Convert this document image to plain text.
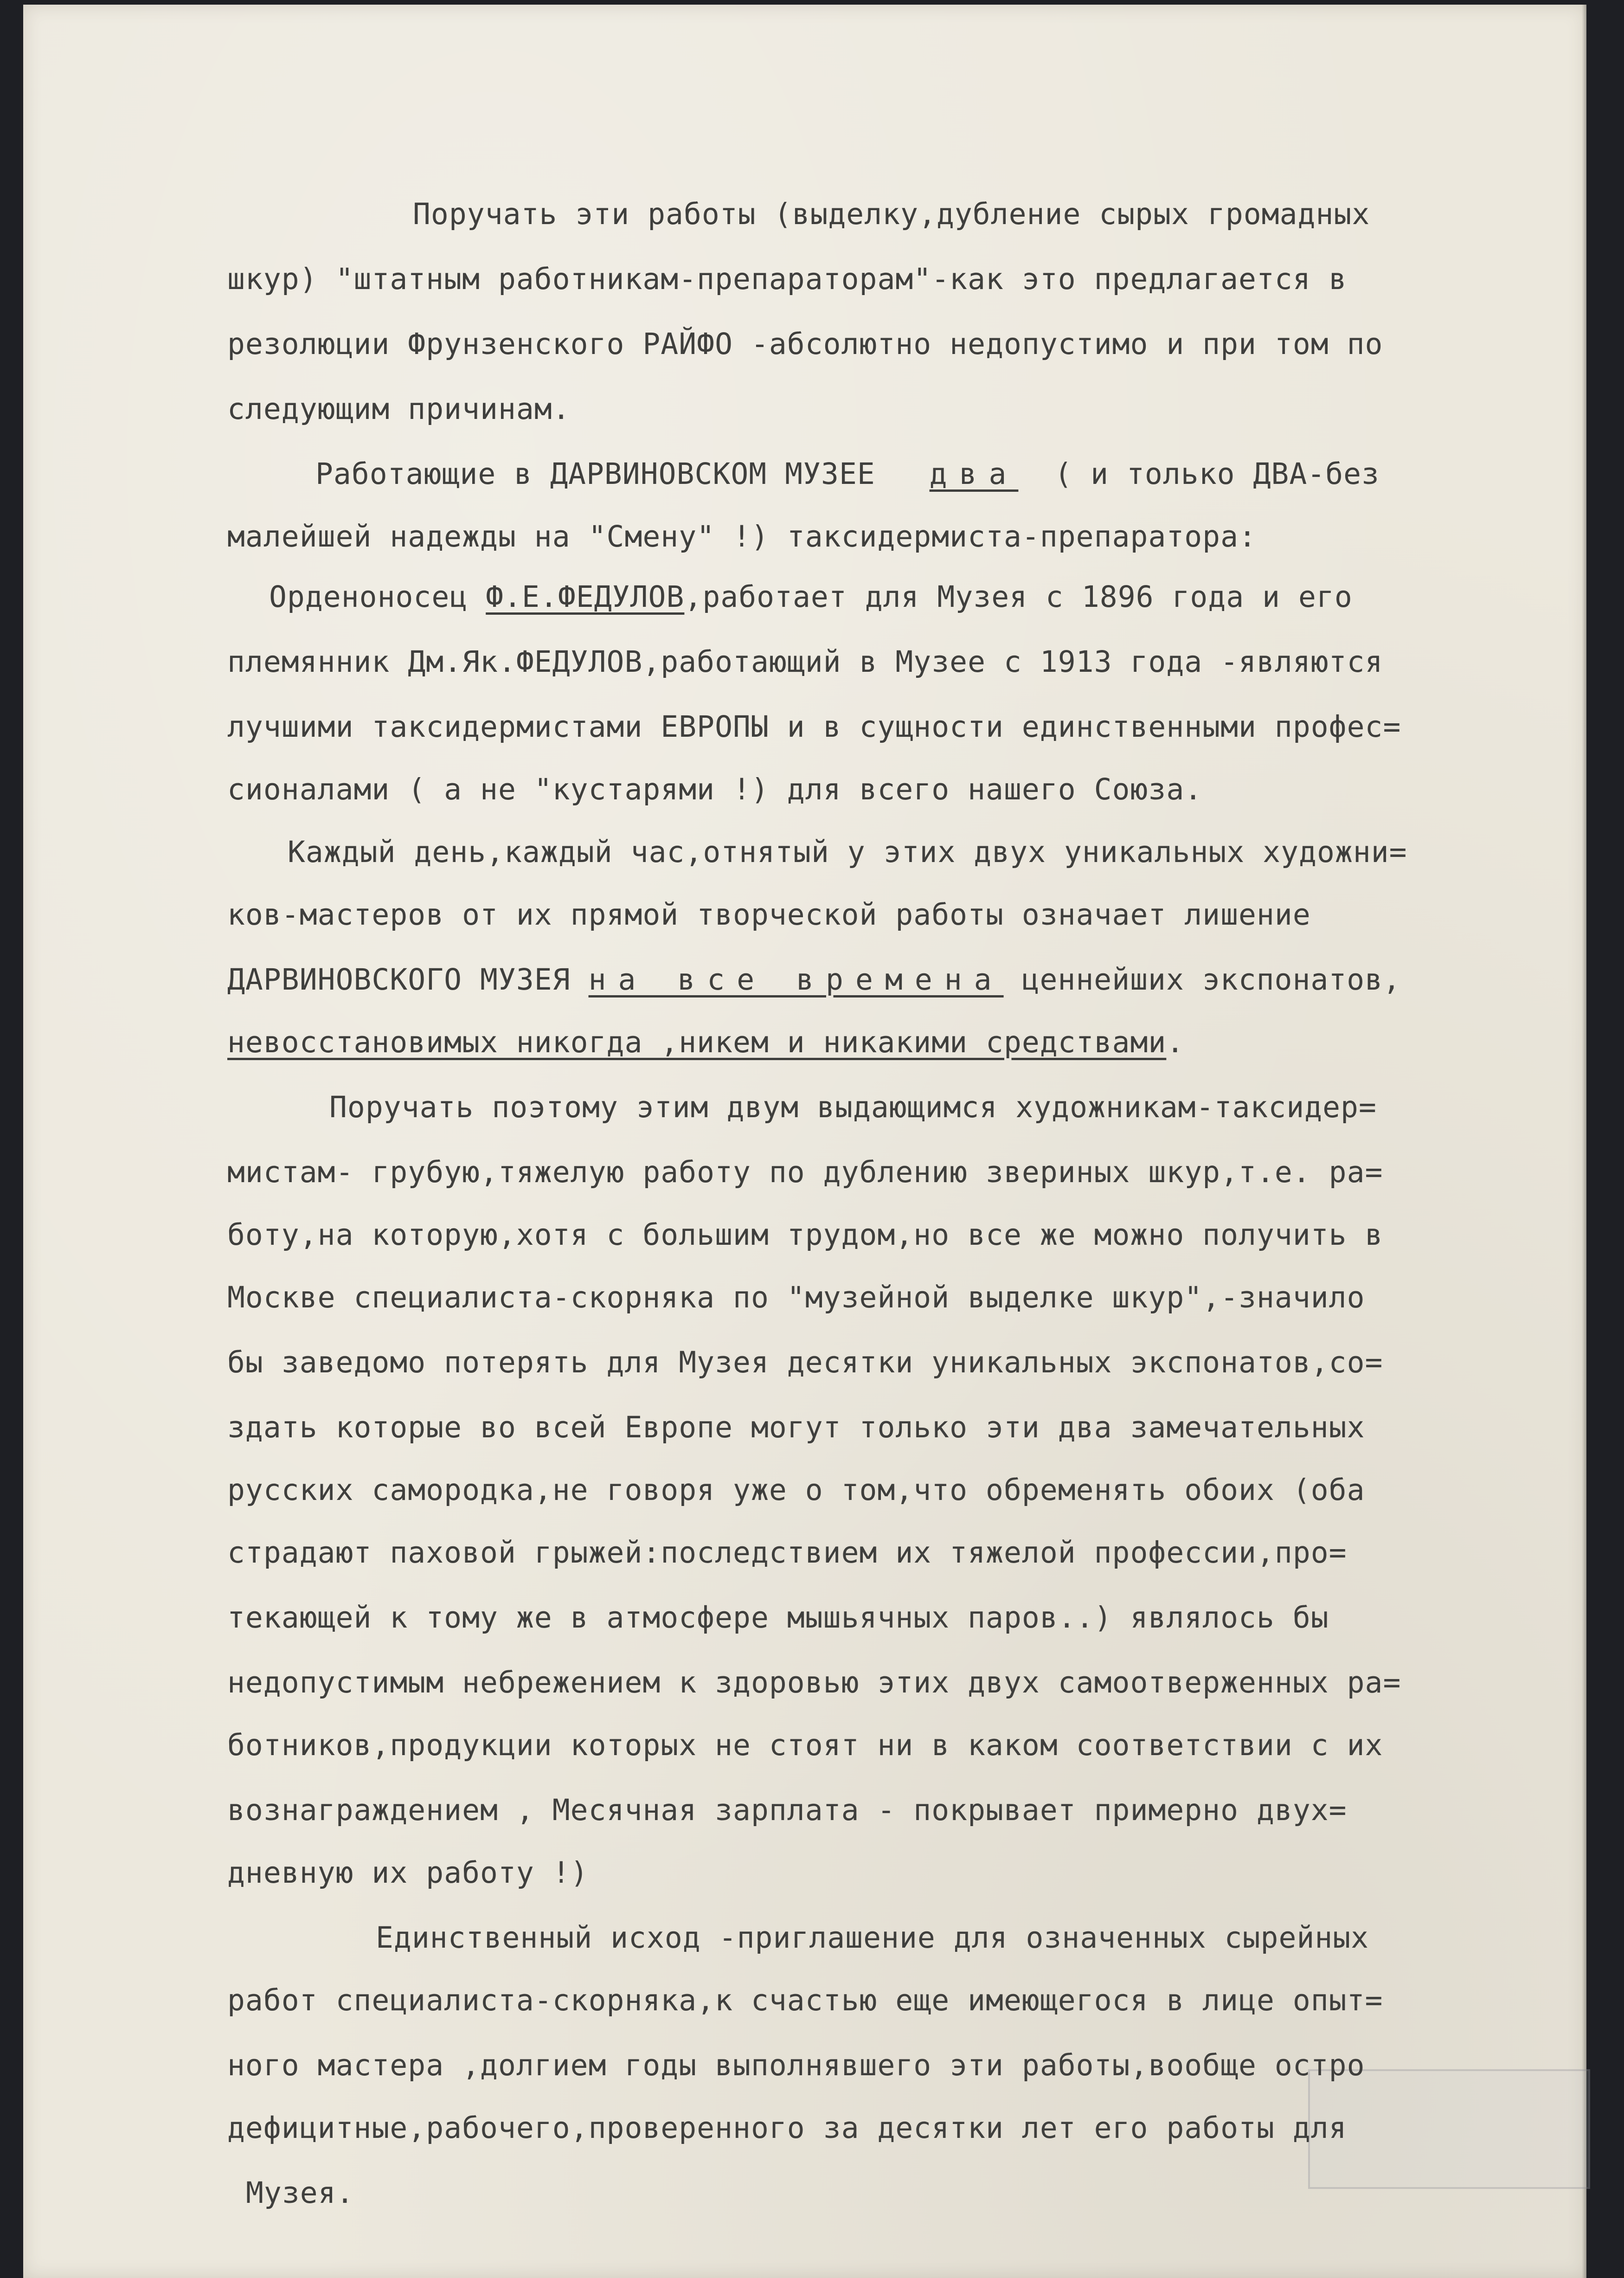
Поручать эти работы (выделку,дубление сырых громадных
шкур) "штатным работникам-препараторам"-как это предлагается в
резолюции Фрунзенского РАЙФО -абсолютно недопустимо и при том по
следующим причинам.
Работающие в ДАРВИНОВСКОМ МУЗЕЕ два ( и только ДВА-без
малейшей надежды на "Смену" !) таксидермиста-препаратора:
Орденоносец Ф.Е.ФЕДУЛОВ,работает для Музея с 1896 года и его
племянник Дм.Як.ФЕДУЛОВ,работающий в Музее с 1913 года -являются
лучшими таксидермистами ЕВРОПЫ и в сущности единственными профес=
сионалами ( а не "кустарями !) для всего нашего Союза.
Каждый день,каждый час,отнятый у этих двух уникальных художни=
ков-мастеров от их прямой творческой работы означает лишение
ДАРВИНОВСКОГО МУЗЕЯ на все времена ценнейших экспонатов,
невосстановимых никогда ,никем и никакими средствами.
Поручать поэтому этим двум выдающимся художникам-таксидер=
мистам- грубую,тяжелую работу по дублению звериных шкур,т.е. ра=
боту,на которую,хотя с большим трудом,но все же можно получить в
Москве специалиста-скорняка по "музейной выделке шкур",-значило
бы заведомо потерять для Музея десятки уникальных экспонатов,со=
здать которые во всей Европе могут только эти два замечательных
русских самородка,не говоря уже о том,что обременять обоих (оба
страдают паховой грыжей:последствием их тяжелой профессии,про=
текающей к тому же в атмосфере мышьячных паров..) являлось бы
недопустимым небрежением к здоровью этих двух самоотверженных ра=
ботников,продукции которых не стоят ни в каком соответствии с их
вознаграждением , Месячная зарплата - покрывает примерно двух=
дневную их работу !)
Единственный исход -приглашение для означенных сырейных
работ специалиста-скорняка,к счастью еще имеющегося в лице опыт=
ного мастера ,долгием годы выполнявшего эти работы,вообще остро
дефицитные,рабочего,проверенного за десятки лет его работы для
Музея.
